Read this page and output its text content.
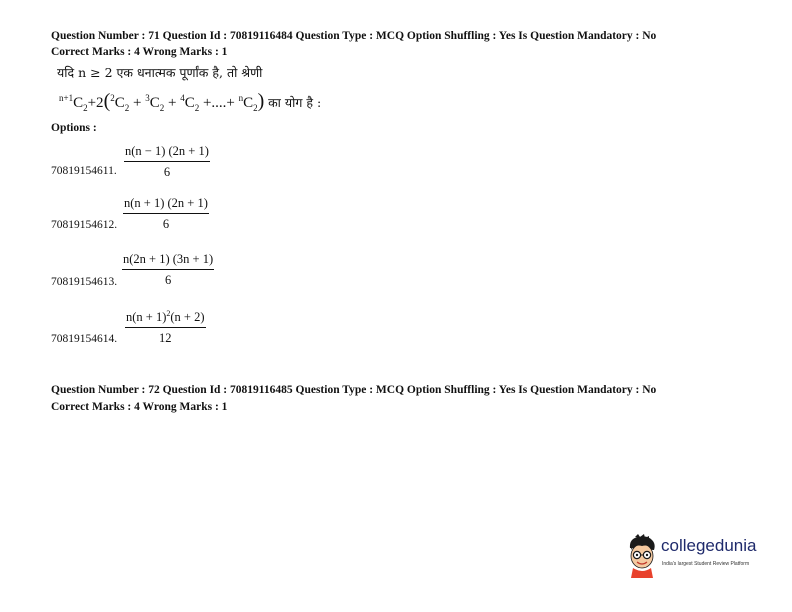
Question Number : 71 Question Id : 70819116484 Question Type : MCQ Option Shuffling : Yes Is Question Mandatory : No
Correct Marks : 4 Wrong Marks : 1
यदि n ≥ 2 एक धनात्मक पूर्णांक है, तो श्रेणी
$^{n+1}C_2+2(^2C_2 + ^3C_2 + ^4C_2$ +....+ $^nC_2$) का योग है :
Options :
$\frac{n(n - 1) (2n + 1)}{6}$
70819154611.
$\frac{n(n + 1) (2n + 1)}{6}$
70819154612.
$\frac{n(2n + 1) (3n + 1)}{6}$
70819154613.
$\frac{n(n + 1)^2(n + 2)}{12}$
70819154614.
Question Number : 72 Question Id : 70819116485 Question Type : MCQ Option Shuffling : Yes Is Question Mandatory : No
Correct Marks : 4 Wrong Marks : 1
collegedunia
India's largest Student Review Platform
